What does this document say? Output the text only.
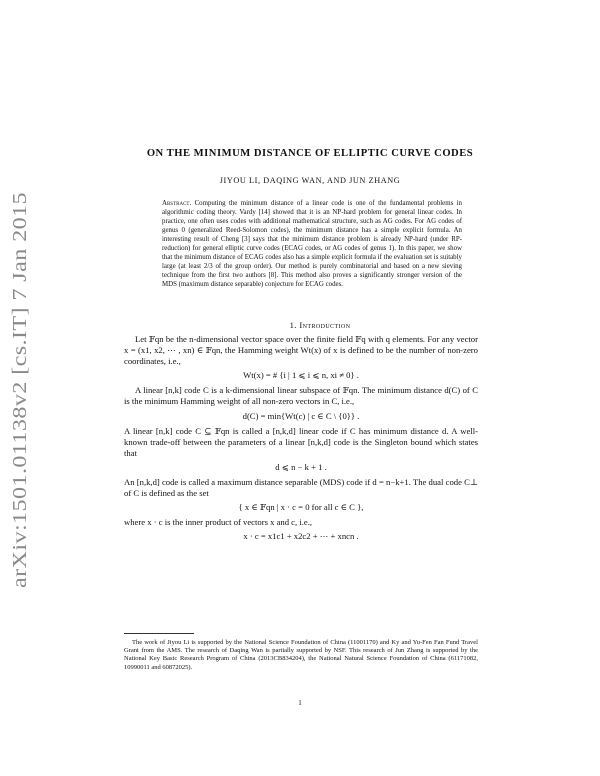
arXiv:1501.01138v2 [cs.IT] 7 Jan 2015
ON THE MINIMUM DISTANCE OF ELLIPTIC CURVE CODES
JIYOU LI, DAQING WAN, AND JUN ZHANG

Abstract. Computing the minimum distance of a linear code is one of the fundamental problems in algorithmic coding theory. Vardy [14] showed that it is an NP-hard problem for general linear codes. In practice, one often uses codes with additional mathematical structure, such as AG codes. For AG codes of genus 0 (generalized Reed-Solomon codes), the minimum distance has a simple explicit formula. An interesting result of Cheng [3] says that the minimum distance problem is already NP-hard (under RP-reduction) for general elliptic curve codes (ECAG codes, or AG codes of genus 1). In this paper, we show that the minimum distance of ECAG codes also has a simple explicit formula if the evaluation set is suitably large (at least 2/3 of the group order). Our method is purely combinatorial and based on a new sieving technique from the first two authors [8]. This method also proves a significantly stronger version of the MDS (maximum distance separable) conjecture for ECAG codes.

1. Introduction

Let 𝔽qn be the n-dimensional vector space over the finite field 𝔽q with q elements. For any vector x = (x1, x2, ⋯ , xn) ∈ 𝔽qn, the Hamming weight Wt(x) of x is defined to be the number of non-zero coordinates, i.e.,

Wt(x) = # {i | 1 ⩽ i ⩽ n, xi ≠ 0} .

A linear [n,k] code C is a k-dimensional linear subspace of 𝔽qn. The minimum distance d(C) of C is the minimum Hamming weight of all non-zero vectors in C, i.e.,

d(C) = min{Wt(c) | c ∈ C \ {0}} .

A linear [n,k] code C ⊆ 𝔽qn is called a [n,k,d] linear code if C has minimum distance d. A well-known trade-off between the parameters of a linear [n,k,d] code is the Singleton bound which states that

d ⩽ n − k + 1 .

An [n,k,d] code is called a maximum distance separable (MDS) code if d = n−k+1. The dual code C⊥ of C is defined as the set

{ x ∈ 𝔽qn | x · c = 0 for all c ∈ C },

where x · c is the inner product of vectors x and c, i.e.,

x · c = x1c1 + x2c2 + ⋯ + xncn .
The work of Jiyou Li is supported by the National Science Foundation of China (11001170) and Ky and Yu-Fen Fan Fund Travel Grant from the AMS. The research of Daqing Wan is partially supported by NSF. This research of Jun Zhang is supported by the National Key Basic Research Program of China (2013CB834204), the National Natural Science Foundation of China (61171082, 10990011 and 60872025).
1
